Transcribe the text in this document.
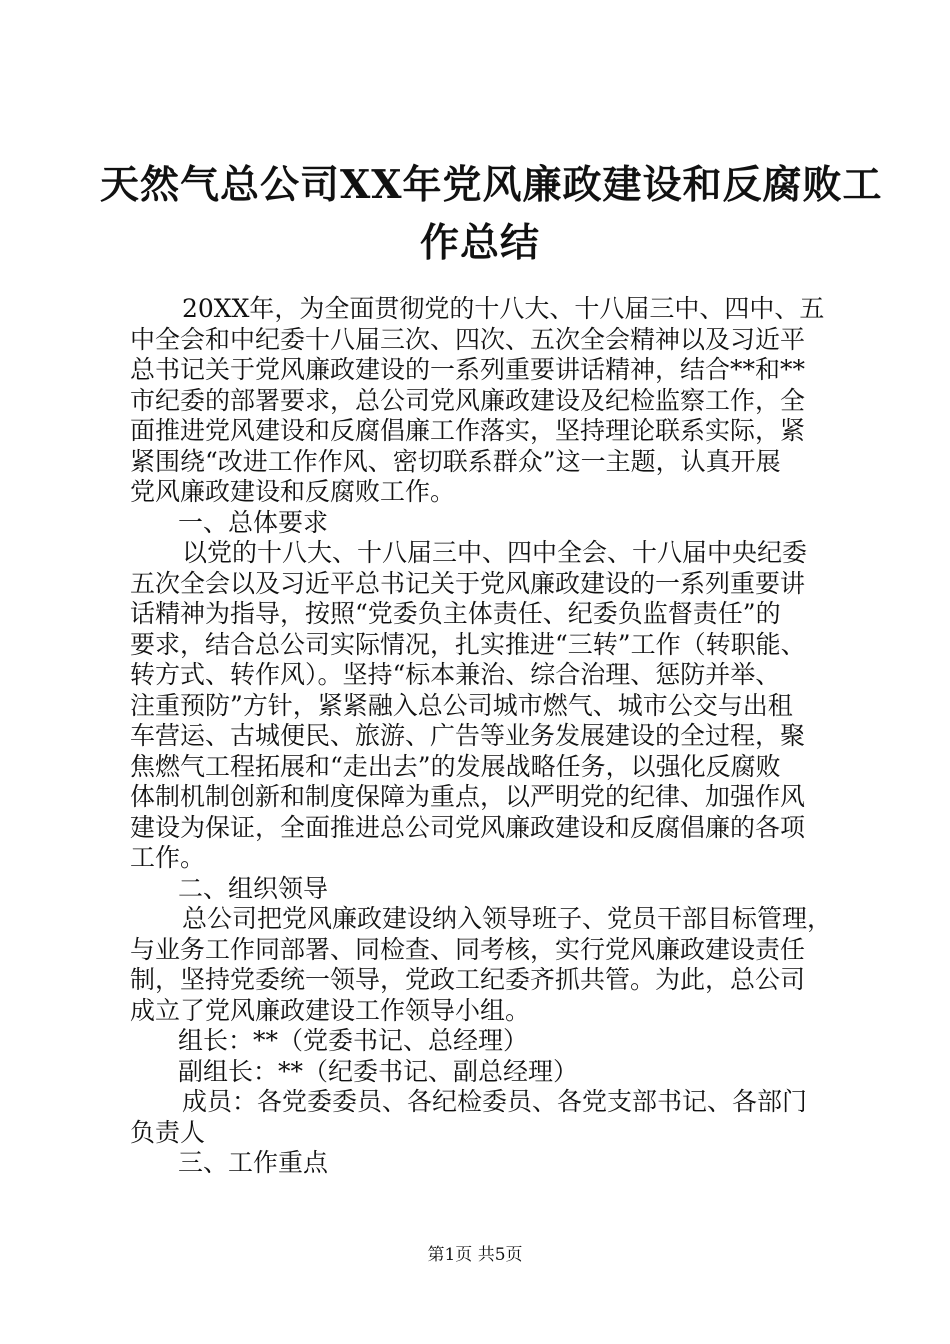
天然气总公司XX年党风廉政建设和反腐败工
作总结
20XX年，为全面贯彻党的十八大、十八届三中、四中、五
中全会和中纪委十八届三次、四次、五次全会精神以及习近平
总书记关于党风廉政建设的一系列重要讲话精神，结合**和**
市纪委的部署要求，总公司党风廉政建设及纪检监察工作，全
面推进党风建设和反腐倡廉工作落实，坚持理论联系实际，紧
紧围绕“改进工作作风、密切联系群众”这一主题，认真开展
党风廉政建设和反腐败工作。
一、总体要求
以党的十八大、十八届三中、四中全会、十八届中央纪委
五次全会以及习近平总书记关于党风廉政建设的一系列重要讲
话精神为指导，按照“党委负主体责任、纪委负监督责任”的
要求，结合总公司实际情况，扎实推进“三转”工作（转职能、
转方式、转作风）。坚持“标本兼治、综合治理、惩防并举、
注重预防”方针，紧紧融入总公司城市燃气、城市公交与出租
车营运、古城便民、旅游、广告等业务发展建设的全过程，聚
焦燃气工程拓展和“走出去”的发展战略任务，以强化反腐败
体制机制创新和制度保障为重点，以严明党的纪律、加强作风
建设为保证，全面推进总公司党风廉政建设和反腐倡廉的各项
工作。
二、组织领导
总公司把党风廉政建设纳入领导班子、党员干部目标管理，
与业务工作同部署、同检查、同考核，实行党风廉政建设责任
制，坚持党委统一领导，党政工纪委齐抓共管。为此，总公司
成立了党风廉政建设工作领导小组。
组长：**（党委书记、总经理）
副组长：**（纪委书记、副总经理）
成员：各党委委员、各纪检委员、各党支部书记、各部门
负责人
三、工作重点
第1页 共5页
